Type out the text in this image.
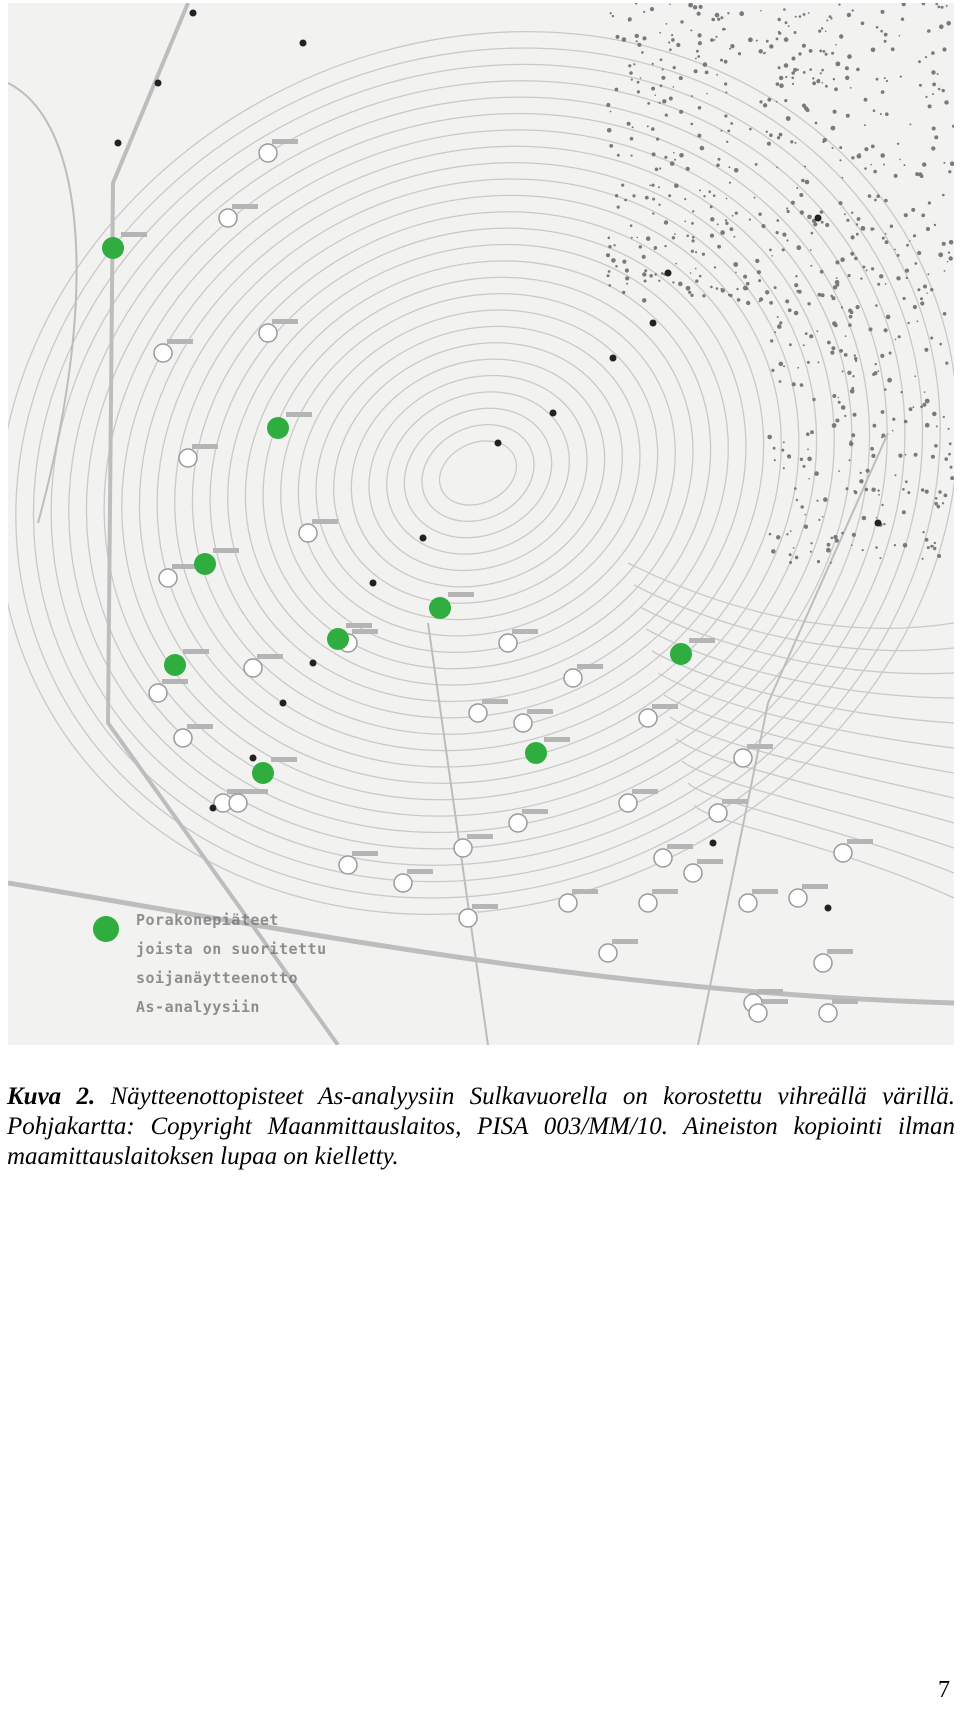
Porakonepiäteet
joista on suoritettu
soijanäytteenotto
As-analyysiin
Kuva 2. Näytteenottopisteet As-analyysiin Sulkavuorella on korostettu vihreällä värillä. Pohjakartta: Copyright Maanmittauslaitos, PISA 003/MM/10. Aineiston kopiointi ilman maamittauslaitoksen lupaa on kielletty.
7
